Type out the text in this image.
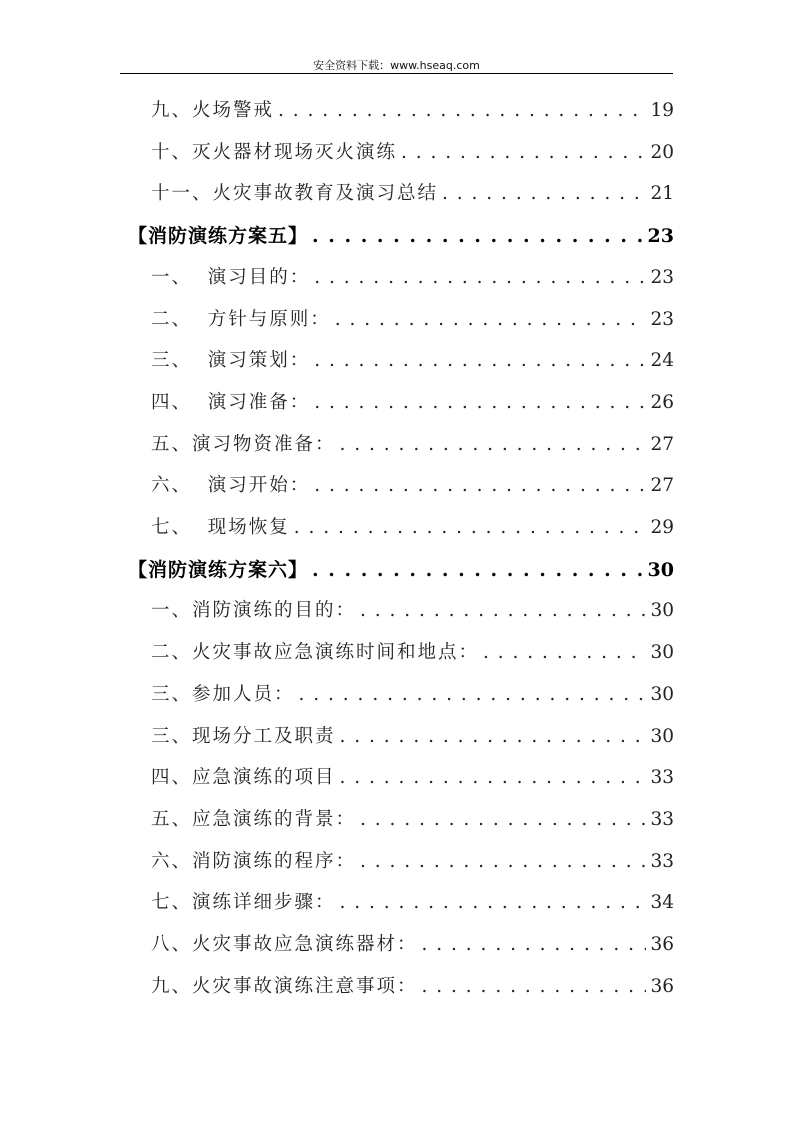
安全资料下载：www.hseaq.com
九、火场警戒 . . .	19
十、灭火器材现场灭火演练 . . .	20
十一、火灾事故教育及演习总结 . . .	21
【消防演练方案五】 . . .	23
一、  演习目的： . . .	23
二、  方针与原则： . . .	23
三、  演习策划： . . .	24
四、  演习准备： . . .	26
五、演习物资准备： . . .	27
六、  演习开始： . . .	27
七、  现场恢复 . . .	29
【消防演练方案六】 . . .	30
一、消防演练的目的： . . .	30
二、火灾事故应急演练时间和地点： . . .	30
三、参加人员： . . .	30
三、现场分工及职责 . . .	30
四、应急演练的项目 . . .	33
五、应急演练的背景： . . .	33
六、消防演练的程序： . . .	33
七、演练详细步骤： . . .	34
八、火灾事故应急演练器材： . . .	36
九、火灾事故演练注意事项： . . .	36
